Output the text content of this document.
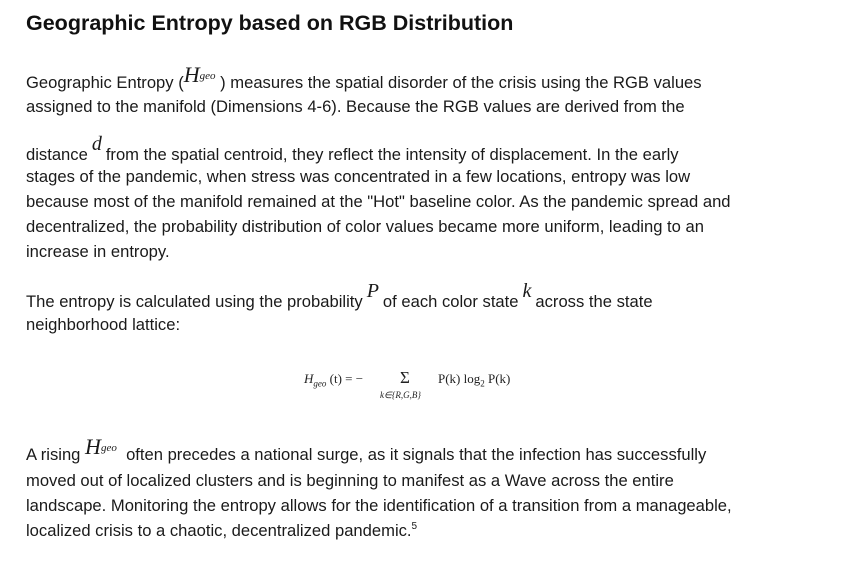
Geographic Entropy based on RGB Distribution
Geographic Entropy (Hgeo ) measures the spatial disorder of the crisis using the RGB values
assigned to the manifold (Dimensions 4-6). Because the RGB values are derived from the
distance d from the spatial centroid, they reflect the intensity of displacement. In the early
stages of the pandemic, when stress was concentrated in a few locations, entropy was low
because most of the manifold remained at the "Hot" baseline color. As the pandemic spread and
decentralized, the probability distribution of color values became more uniform, leading to an
increase in entropy.
The entropy is calculated using the probability P of each color state k across the state
neighborhood lattice:
$H_{geo}$ (t) = − Σ
k∈{R,G,B}
P(k) $\log_2 P(k)$
A rising Hgeo often precedes a national surge, as it signals that the infection has successfully
moved out of localized clusters and is beginning to manifest as a Wave across the entire
landscape. Monitoring the entropy allows for the identification of a transition from a manageable,
localized crisis to a chaotic, decentralized pandemic.$^5$
